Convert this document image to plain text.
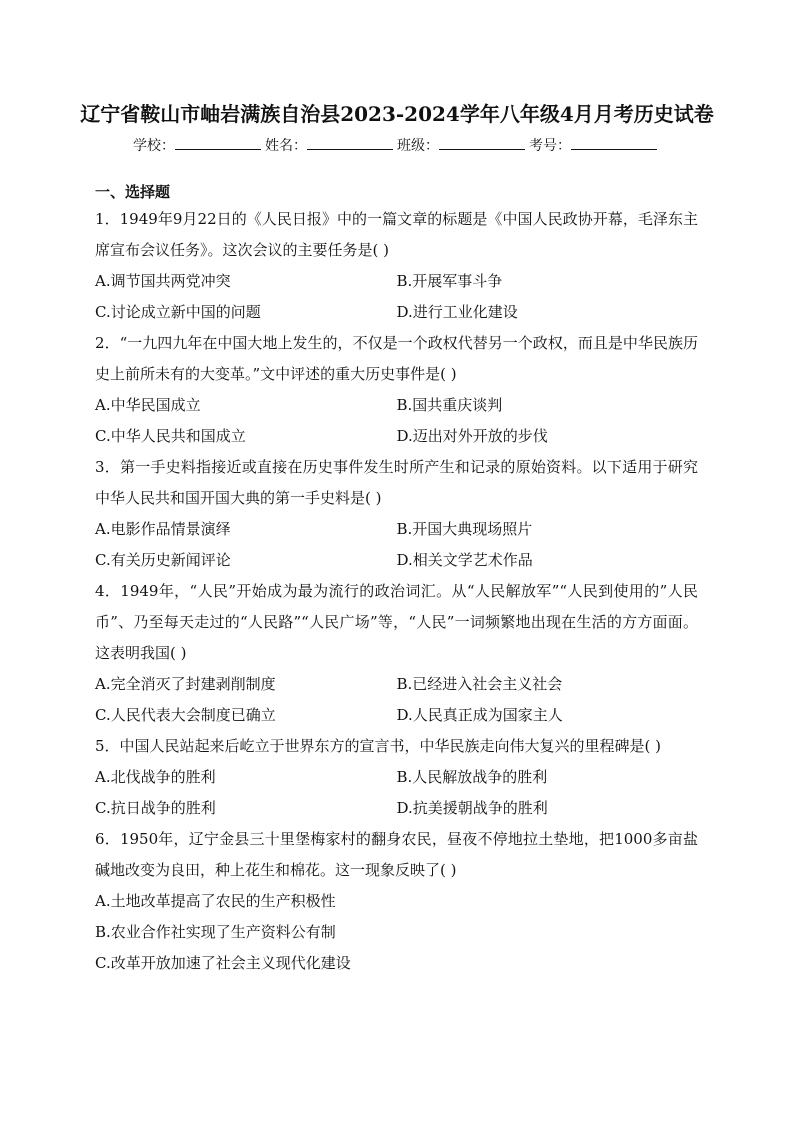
辽宁省鞍山市岫岩满族自治县2023-2024学年八年级4月月考历史试卷
学校：	姓名：	班级：	考号：
一、选择题
1．1949年9月22日的《人民日报》中的一篇文章的标题是《中国人民政协开幕，毛泽东主席宣布会议任务》。这次会议的主要任务是( )
A.调节国共两党冲突	B.开展军事斗争
C.讨论成立新中国的问题	D.进行工业化建设
2．“一九四九年在中国大地上发生的，不仅是一个政权代替另一个政权，而且是中华民族历史上前所未有的大变革。”文中评述的重大历史事件是( )
A.中华民国成立	B.国共重庆谈判
C.中华人民共和国成立	D.迈出对外开放的步伐
3．第一手史料指接近或直接在历史事件发生时所产生和记录的原始资料。以下适用于研究中华人民共和国开国大典的第一手史料是( )
A.电影作品情景演绎	B.开国大典现场照片
C.有关历史新闻评论	D.相关文学艺术作品
4．1949年，“人民”开始成为最为流行的政治词汇。从“人民解放军”“人民到使用的”人民币”、乃至每天走过的“人民路”“人民广场”等，“人民”一词频繁地出现在生活的方方面面。这表明我国( )
A.完全消灭了封建剥削制度	B.已经进入社会主义社会
C.人民代表大会制度已确立	D.人民真正成为国家主人
5．中国人民站起来后屹立于世界东方的宣言书，中华民族走向伟大复兴的里程碑是( )
A.北伐战争的胜利	B.人民解放战争的胜利
C.抗日战争的胜利	D.抗美援朝战争的胜利
6．1950年，辽宁金县三十里堡梅家村的翻身农民，昼夜不停地拉土垫地，把1000多亩盐碱地改变为良田，种上花生和棉花。这一现象反映了( )
A.土地改革提高了农民的生产积极性
B.农业合作社实现了生产资料公有制
C.改革开放加速了社会主义现代化建设
